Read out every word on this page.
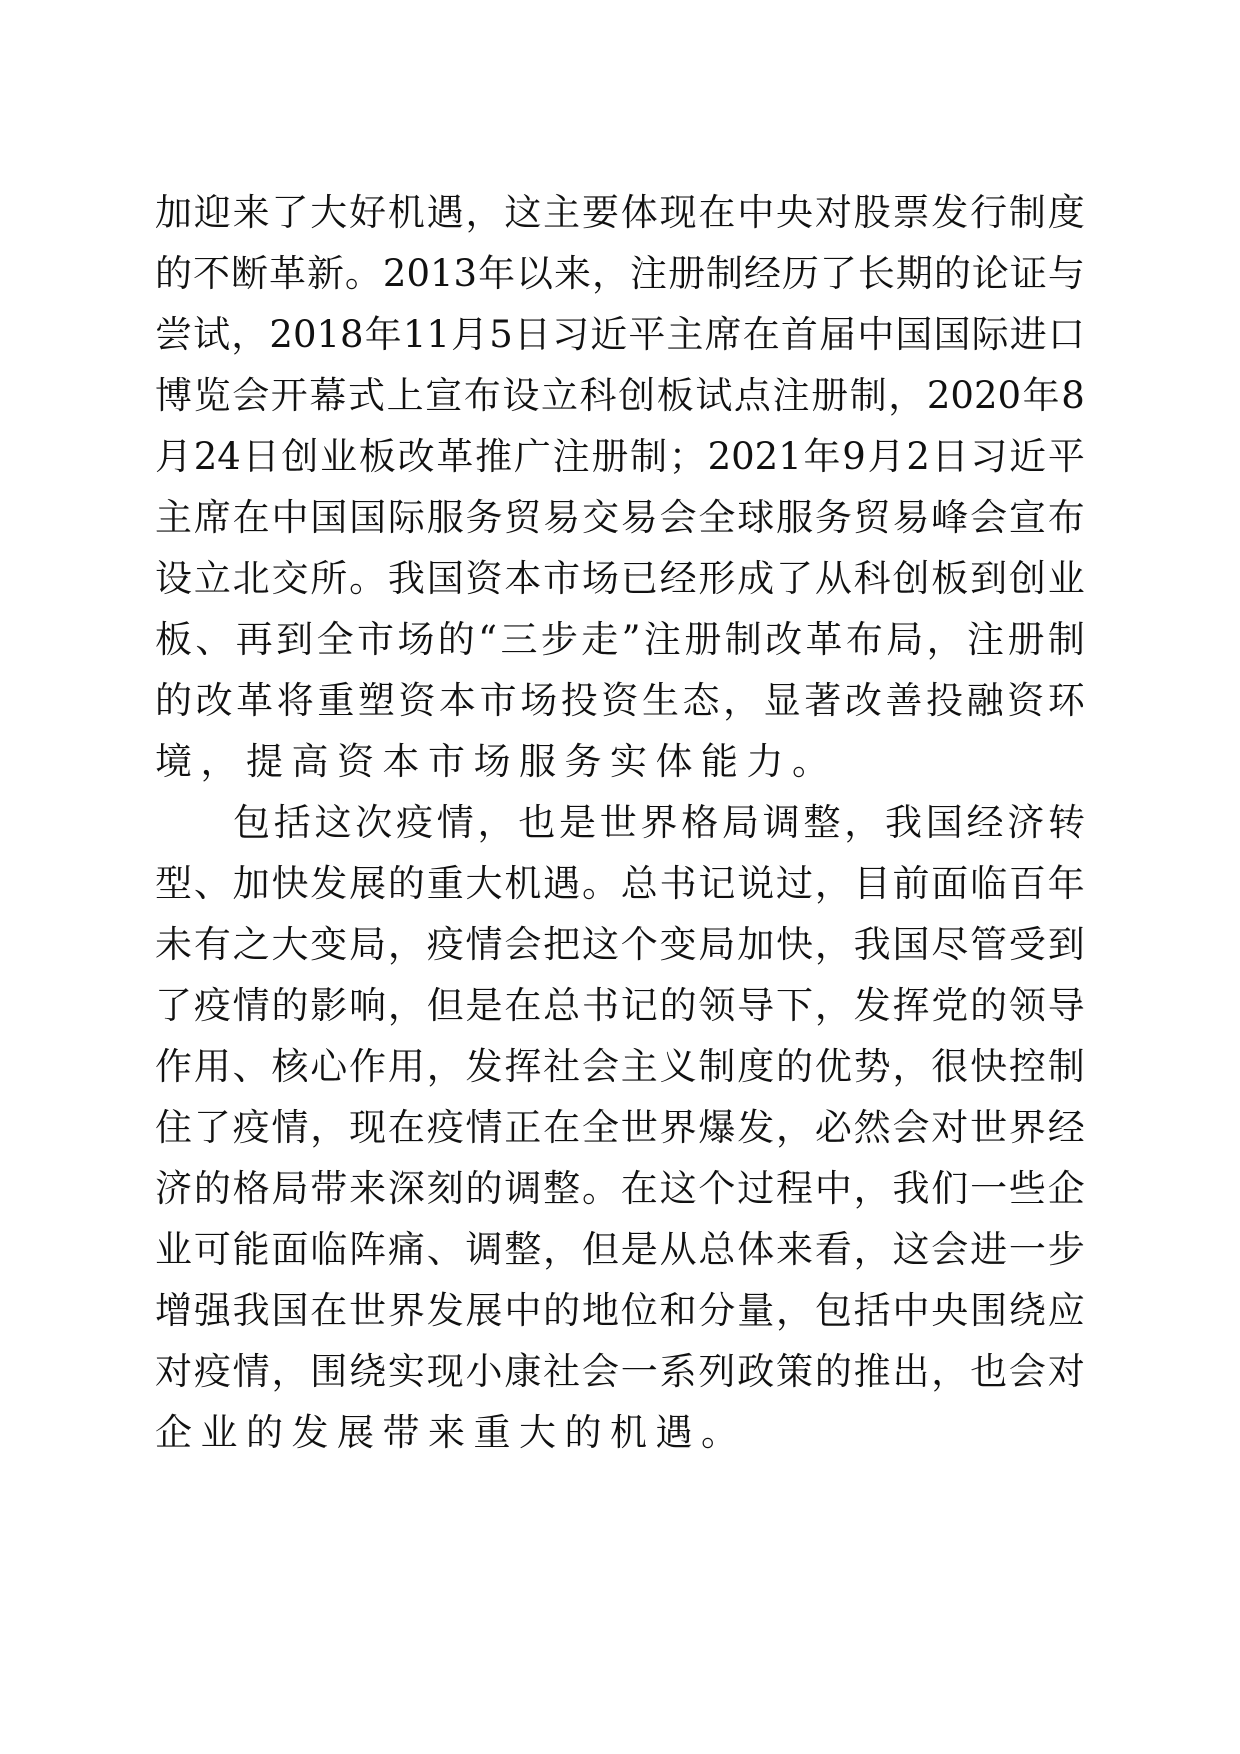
加 迎 来 了 大 好 机 遇 ， 这 主 要 体 现 在 中 央 对 股 票 发 行 制 度
的 不 断 革 新 。 2013 年 以 来 ， 注 册 制 经 历 了 长 期 的 论 证 与
尝 试 ， 2018 年 11 月 5 日 习 近 平 主 席 在 首 届 中 国 国 际 进 口
博 览 会 开 幕 式 上 宣 布 设 立 科 创 板 试 点 注 册 制 ， 2020 年 8
月 24 日 创 业 板 改 革 推 广 注 册 制 ； 2021 年 9 月 2 日 习 近 平
主 席 在 中 国 国 际 服 务 贸 易 交 易 会 全 球 服 务 贸 易 峰 会 宣 布
设 立 北 交 所 。 我 国 资 本 市 场 已 经 形 成 了 从 科 创 板 到 创 业
板 、 再 到 全 市 场 的 “ 三 步 走 ” 注 册 制 改 革 布 局 ， 注 册 制
的 改 革 将 重 塑 资 本 市 场 投 资 生 态 ， 显 著 改 善 投 融 资 环
境，提高资本市场服务实体能力。
包 括 这 次 疫 情 ， 也 是 世 界 格 局 调 整 ， 我 国 经 济 转
型 、 加 快 发 展 的 重 大 机 遇 。 总 书 记 说 过 ， 目 前 面 临 百 年
未 有 之 大 变 局 ， 疫 情 会 把 这 个 变 局 加 快 ， 我 国 尽 管 受 到
了 疫 情 的 影 响 ， 但 是 在 总 书 记 的 领 导 下 ， 发 挥 党 的 领 导
作 用 、 核 心 作 用 ， 发 挥 社 会 主 义 制 度 的 优 势 ， 很 快 控 制
住 了 疫 情 ， 现 在 疫 情 正 在 全 世 界 爆 发 ， 必 然 会 对 世 界 经
济 的 格 局 带 来 深 刻 的 调 整 。 在 这 个 过 程 中 ， 我 们 一 些 企
业 可 能 面 临 阵 痛 、 调 整 ， 但 是 从 总 体 来 看 ， 这 会 进 一 步
增 强 我 国 在 世 界 发 展 中 的 地 位 和 分 量 ， 包 括 中 央 围 绕 应
对 疫 情 ， 围 绕 实 现 小 康 社 会 一 系 列 政 策 的 推 出 ， 也 会 对
企业的发展带来重大的机遇。
